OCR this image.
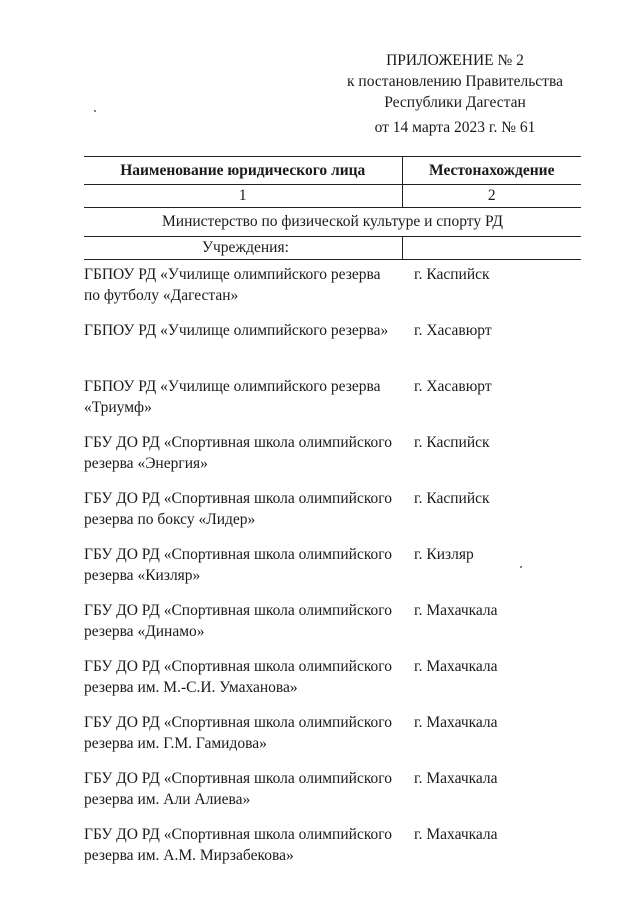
ПРИЛОЖЕНИЕ № 2
к постановлению Правительства
Республики Дагестан
от 14 марта 2023 г. № 61
Наименование юридического лица	Местонахождение
1	2
Министерство по физической культуре и спорту РД	
Учреждения:	

ГБПОУ РД «Училище олимпийского резерва
по футболу «Дагестан»	г. Каспийск

ГБПОУ РД «Училище олимпийского резерва»	г. Хасавюрт

ГБПОУ РД «Училище олимпийского резерва
«Триумф»	г. Хасавюрт

ГБУ ДО РД «Спортивная школа олимпийского
резерва «Энергия»	г. Каспийск

ГБУ ДО РД «Спортивная школа олимпийского
резерва по боксу «Лидер»	г. Каспийск

ГБУ ДО РД «Спортивная школа олимпийского
резерва «Кизляр»	г. Кизляр

ГБУ ДО РД «Спортивная школа олимпийского
резерва «Динамо»	г. Махачкала

ГБУ ДО РД «Спортивная школа олимпийского
резерва им. М.-С.И. Умаханова»	г. Махачкала

ГБУ ДО РД «Спортивная школа олимпийского
резерва им. Г.М. Гамидова»	г. Махачкала

ГБУ ДО РД «Спортивная школа олимпийского
резерва им. Али Алиева»	г. Махачкала

ГБУ ДО РД «Спортивная школа олимпийского
резерва им. А.М. Мирзабекова»	г. Махачкала
